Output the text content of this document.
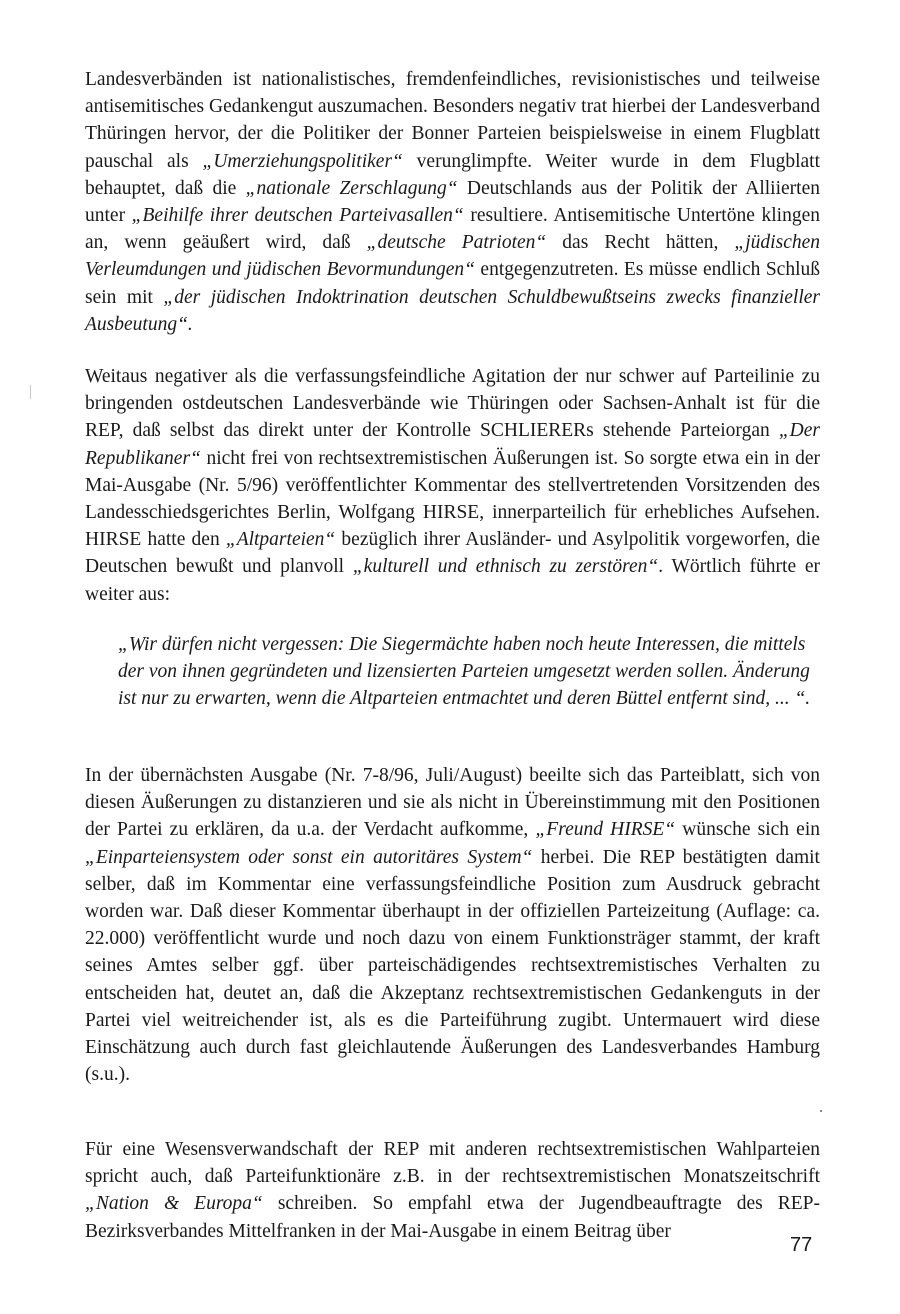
Landesverbänden ist nationalistisches, fremdenfeindliches, revisionistisches und teilweise antisemitisches Gedankengut auszumachen. Besonders negativ trat hierbei der Landesverband Thüringen hervor, der die Politiker der Bonner Parteien beispielsweise in einem Flugblatt pauschal als „Umerziehungspolitiker“ verunglimpfte. Weiter wurde in dem Flugblatt behauptet, daß die „nationale Zerschlagung“ Deutschlands aus der Politik der Alliierten unter „Beihilfe ihrer deutschen Parteivasallen“ resultiere. Antisemitische Untertöne klingen an, wenn geäußert wird, daß „deutsche Patrioten“ das Recht hätten, „jüdischen Verleumdungen und jüdischen Bevormundungen“ entgegenzutreten. Es müsse endlich Schluß sein mit „der jüdischen Indoktrination deutschen Schuldbewußtseins zwecks finanzieller Ausbeutung“.

Weitaus negativer als die verfassungsfeindliche Agitation der nur schwer auf Parteilinie zu bringenden ostdeutschen Landesverbände wie Thüringen oder Sachsen-Anhalt ist für die REP, daß selbst das direkt unter der Kontrolle SCHLIERERs stehende Parteiorgan „Der Republikaner“ nicht frei von rechtsextremistischen Äußerungen ist. So sorgte etwa ein in der Mai-Ausgabe (Nr. 5/96) veröffentlichter Kommentar des stellvertretenden Vorsitzenden des Landesschiedsgerichtes Berlin, Wolfgang HIRSE, innerparteilich für erhebliches Aufsehen. HIRSE hatte den „Altparteien“ bezüglich ihrer Ausländer- und Asylpolitik vorgeworfen, die Deutschen bewußt und planvoll „kulturell und ethnisch zu zerstören“. Wörtlich führte er weiter aus:

„Wir dürfen nicht vergessen: Die Siegermächte haben noch heute Interessen, die mittels der von ihnen gegründeten und lizensierten Parteien umgesetzt werden sollen. Änderung ist nur zu erwarten, wenn die Altparteien entmachtet und deren Büttel entfernt sind, ... “.

In der übernächsten Ausgabe (Nr. 7-8/96, Juli/August) beeilte sich das Parteiblatt, sich von diesen Äußerungen zu distanzieren und sie als nicht in Übereinstimmung mit den Positionen der Partei zu erklären, da u.a. der Verdacht aufkomme, „Freund HIRSE“ wünsche sich ein „Einparteiensystem oder sonst ein autoritäres System“ herbei. Die REP bestätigten damit selber, daß im Kommentar eine verfassungsfeindliche Position zum Ausdruck gebracht worden war. Daß dieser Kommentar überhaupt in der offiziellen Parteizeitung (Auflage: ca. 22.000) veröffentlicht wurde und noch dazu von einem Funktionsträger stammt, der kraft seines Amtes selber ggf. über parteischädigendes rechtsextremistisches Verhalten zu entscheiden hat, deutet an, daß die Akzeptanz rechtsextremistischen Gedankenguts in der Partei viel weitreichender ist, als es die Parteiführung zugibt. Untermauert wird diese Einschätzung auch durch fast gleichlautende Äußerungen des Landesverbandes Hamburg (s.u.).

Für eine Wesensverwandschaft der REP mit anderen rechtsextremistischen Wahlparteien spricht auch, daß Parteifunktionäre z.B. in der rechtsextremistischen Monatszeitschrift „Nation & Europa“ schreiben. So empfahl etwa der Jugendbeauftragte des REP-Bezirksverbandes Mittelfranken in der Mai-Ausgabe in einem Beitrag über

77
